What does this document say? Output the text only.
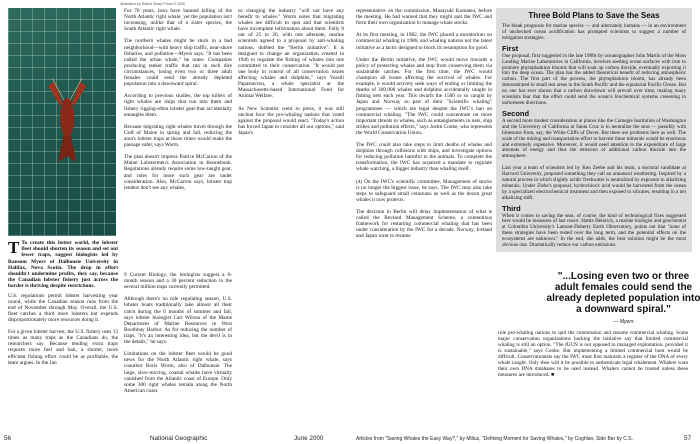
Illustration by Robert Sharp Photo © 2000

T To create this better world, the lobster fleet should shorten its season and set out fewer traps, suggest biologists led by Ransom Myers of Dalhousie University in Halifax, Nova Scotia. The drop in effort shouldn't undermine profits, they say, because the Canadian lobster fishery just across the border is thriving despite restrictions.

U.S. regulations permit lobster harvesting year round, while the Canadian season runs from the end of November through May. Overall, the U.S. fleet catches a third more lobsters but expends disproportionately more resources doing it.

For a given lobster harvest, the U.S. fishery uses 13 times as many traps as the Canadians do, the researchers say. Because tending extra traps requires more fuel and bait, a shorter, more efficient fishing effort could be as profitable, the team argues. In the Jan

For 70 years, laws have banned killing of the North Atlantic right whale, yet the population isn't increasing, unlike that of a sister species, the South Atlantic right whale.

The northern whales might be stuck in a bad neighborhood—with heavy ship traffic, near-shore fisheries, and pollution—Myers says. "It has been called the urban whale," he notes. Companies producing tanker traffic that run in such dire circumstances, losing even two or three adult females could send the already depleted population into a downward spiral.

According to previous studies, the top killers of right whales are ships that run into them and fishery rigging-often lobster gear-that accidentally entangles them.

Because migrating right whales travel through the Gulf of Maine in spring and fall, reducing the area's lobster traps at those times would make the passage safer, says Worm.

The plan doesn't impress Patrice McCarron of the Maine Lobstermen's Association in Kennebunk. Regulations already require some low-taught gear, and rules for more such gear are under consideration. Also, McCarron says, lobster trap lenders don't see any whales,

9 Current Biology, the biologists suggest a 6-month season and a 30 percent reduction in the several million traps currently permitted.

Although there's no rule regulating season, U.S. lobster boats traditionally take almost all their catch during the 6 months of summer and fall, says lobster biologist Carl Wilson of the Maine Department of Marine Resources in West Boothbay Harbor. As for reducing the number of traps, "it's an interesting idea, but the devil is in the details," he says.

Limitations on the lobster fleet would be good news for the North Atlantic right whale, says coauthor Boris Worm, also of Dalhousie. The large, slow-moving, coastal whales have virtually vanished from the Atlantic coast of Europe. Only some 300 right whales remain along the North American coast.

so changing the industry "will not have any benefit to whales." Worm notes that migrating whales are difficult to spot and that scientists have incomplete information about them. Fully 8 out of 25 to 20, with one alternate, marine scientists agreed to a proposal by anti-whaling nations, dubbed the "Berlin initiative": It is designed to change an organization created in 1946 to regulate the fishing of whales into one committed to their conservation. "It would put one body in control of all conservation issues affecting whales and dolphins," says Vassili Papastavrou, a whale specialist at the Massachusetts-based International Fund for Animal Welfare.

As New Scientist went to press, it was still unclear how the pro-whaling nations that voted against the proposal would react. "Today's action has forced Japan to consider all our options," said Japan's

56	National Geographic	June 2000

representative on the commission, Masayuki Komatsu, before the meeting. He had warned that they might quit the IWC and form their own organization to manage whale stocks.

At its first meeting, in 1982, the IWC placed a moratorium on commercial whaling in 1986, and whaling nations not the latest initiative as a tactic designed to block its resumption for good.

Under the Berlin initiative, the IWC would move towards a policy of protecting whales and stop from conserving them via sustainable catches. For the first time, the IWC would champion all issues affecting the survival of whales. For example, it would actively seek ways of ending or limiting the deaths of 300,000 whales and dolphins accidentally caught in fishing nets each year. This dwarfs the 1500 or so caught by Japan and Norway as part of their "Scientific whaling" programmes — which are legal despite the IWC's ban on commercial whaling. "The IWC could concentrate on more important threats to whales, such as entanglements in nets, ship strikes and pollution effects," says Justin Cooke, who represents the World Conservation Union.

The IWC could also take steps to limit deaths of whales and dolphins through collisions with ships, and investigate options for reducing pollution harmful to the animals. To complete the transformation, the IWC has acquired a mandate to regulate whale watching, a bigger industry than whaling itself.

(4) On the IWC's scientific committee, Management of stocks is no longer the biggest issue, he says. The IWC may also take steps to safeguard small cetaceans as well as the dozen great whales it now protects.

The decision in Berlin will delay implementation of what is called the Revised Management Scheme, a contentious framework for restarting commercial whaling that has been under consideration by the IWC for a decade. Norway, Iceland and Japan want to resume

role pro-whaling nations to quit the commission and resume commercial whaling. Some major conservation organizations backing the initiative say that limited commercial whaling is still an option. "The IUCN is not opposed to managed exploitation, provided it is sustainable," says Cooke. But implementing a limited commercial hunt would be difficult. Conservationists say the IWC must first maintain a register of the DNA of every whale caught. Only then will it be possible to authenticate legal whalemeat. Whalers want their own DNA databases to be used instead. Whalers cannot be trusted unless these measures are introduced. ■

Articles from "Saving Whales the Easy Way?," by Milius, "Defining Moment for Saving Whales," by Coghlan, Side Bar by C.S.	57
Three Bold Plans to Save the Seas

The bleak prognosis for marine species — and alternately humans — in an environment of unchecked ocean acidification has prompted scientists to suggest a number of mitigation strategies.

First

One proposal, first suggested in the late 1980s by oceanographer John Martin of the Moss Landing Marine Laboratories in California, involves seeding ocean surfaces with iron to promote phytoplankton blooms that will soak up carbon dioxide, eventually exporting it into the deep ocean. The plan has the added theoretical benefit of reducing atmospheric carbon. The first part of the process, the phytoplankton bloom, has already been demonstrated in small test areas in the South Pacific and the equatorial Pacific Ocean. But no one has ever shown that a carbon drawdown will prevail over time, making many scientists fear that the effort could send the ocean's biochemical systems careening in unforeseen directions.

Second

A second more modest consideration at places like the Carnegie Institution of Washington and the University of California at Santa Cruz is to neutralize the seas — possibly with limestone from, say, the White Cliffs of Dover. But there are problems here as well. The scale of the mining and transportation effort to harvest these minerals would be enormous and extremely expensive. Moreover, it would need attention to the expenditure of large amounts of energy and thus the emission of additional carbon dioxide into the atmosphere.

Last year a team of scientists led by Ken Zeebe and his team, a doctoral candidate at Harvard University, proposed something they call an unnatural weathering. Inspired by a natural process in which slightly acidic freshwater is neutralized by exposure to alkalizing minerals. Under Ziebe's proposal, hydrochloric acid would be harvested from the ocean by a specialized electrochemical treatment and then exposed to silicates, resulting in a net alkalizing shift.

Third

When it comes to saving the seas, of course, the kind of technological fixes suggested here would be measures of last resort. Hattie Heinrich, a marine biologist and geochemist at Columbia University's Lamont-Doherty Earth Observatory, points out that "none of these strategies have been tested over the long term, and the potential effects on the ecosystems are unknown." In the end, she adds, the best solution might be the most obvious one. Dramatically reduce our carbon emissions.

"...Losing even two or three adult females could send the already depleted population into a downward spiral."
— Myers
